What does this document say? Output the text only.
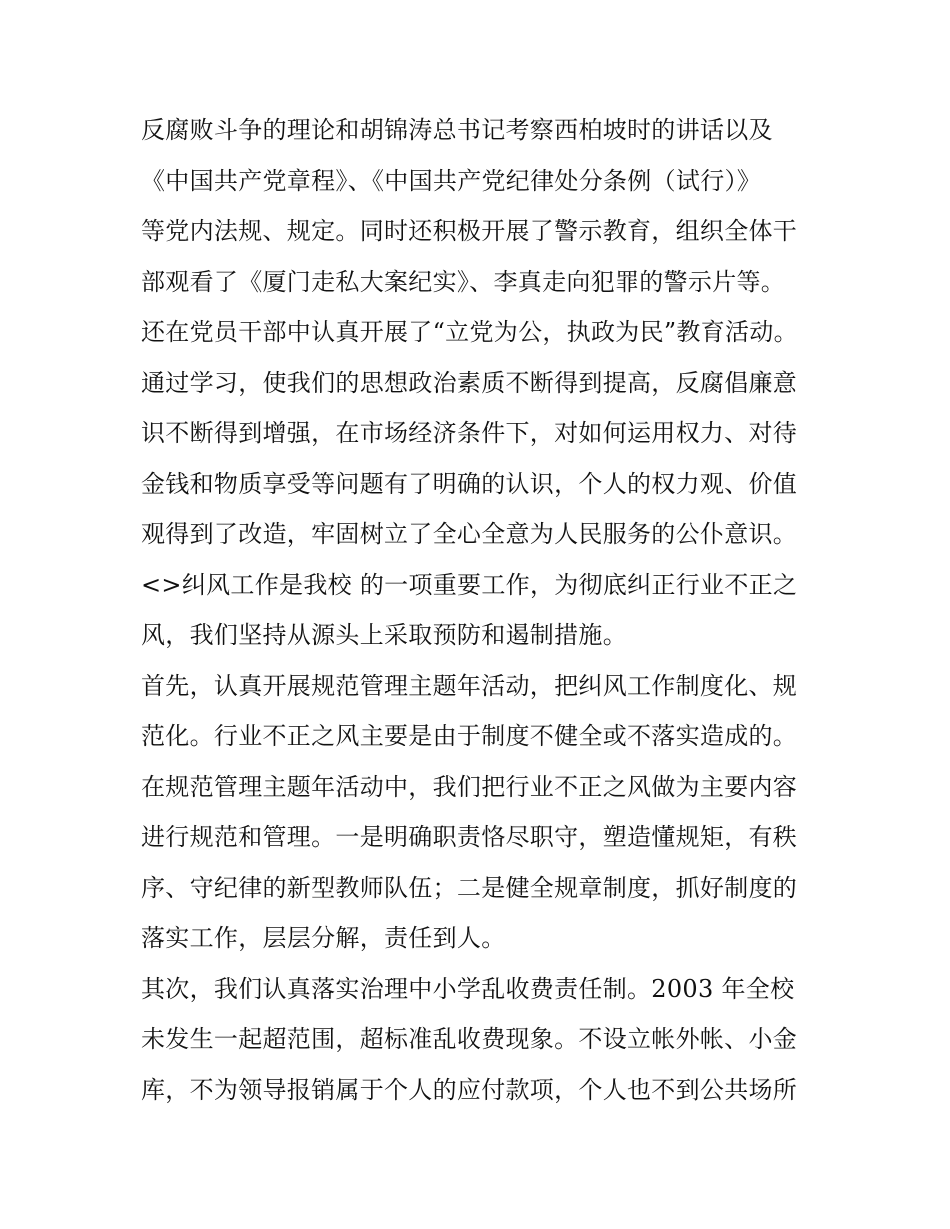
反腐败斗争的理论和胡锦涛总书记考察西柏坡时的讲话以及
《中国共产党章程》、《中国共产党纪律处分条例（试行）》
等党内法规、规定。同时还积极开展了警示教育，组织全体干
部观看了《厦门走私大案纪实》、李真走向犯罪的警示片等。
还在党员干部中认真开展了“立党为公，执政为民”教育活动。
通过学习，使我们的思想政治素质不断得到提高，反腐倡廉意
识不断得到增强，在市场经济条件下，对如何运用权力、对待
金钱和物质享受等问题有了明确的认识，个人的权力观、价值
观得到了改造，牢固树立了全心全意为人民服务的公仆意识。
<>纠风工作是我校 的一项重要工作，为彻底纠正行业不正之
风，我们坚持从源头上采取预防和遏制措施。
首先，认真开展规范管理主题年活动，把纠风工作制度化、规
范化。行业不正之风主要是由于制度不健全或不落实造成的。
在规范管理主题年活动中，我们把行业不正之风做为主要内容
进行规范和管理。一是明确职责恪尽职守，塑造懂规矩，有秩
序、守纪律的新型教师队伍；二是健全规章制度，抓好制度的
落实工作，层层分解，责任到人。
其次，我们认真落实治理中小学乱收费责任制。2003 年全校
未发生一起超范围，超标准乱收费现象。不设立帐外帐、小金
库，不为领导报销属于个人的应付款项，个人也不到公共场所
